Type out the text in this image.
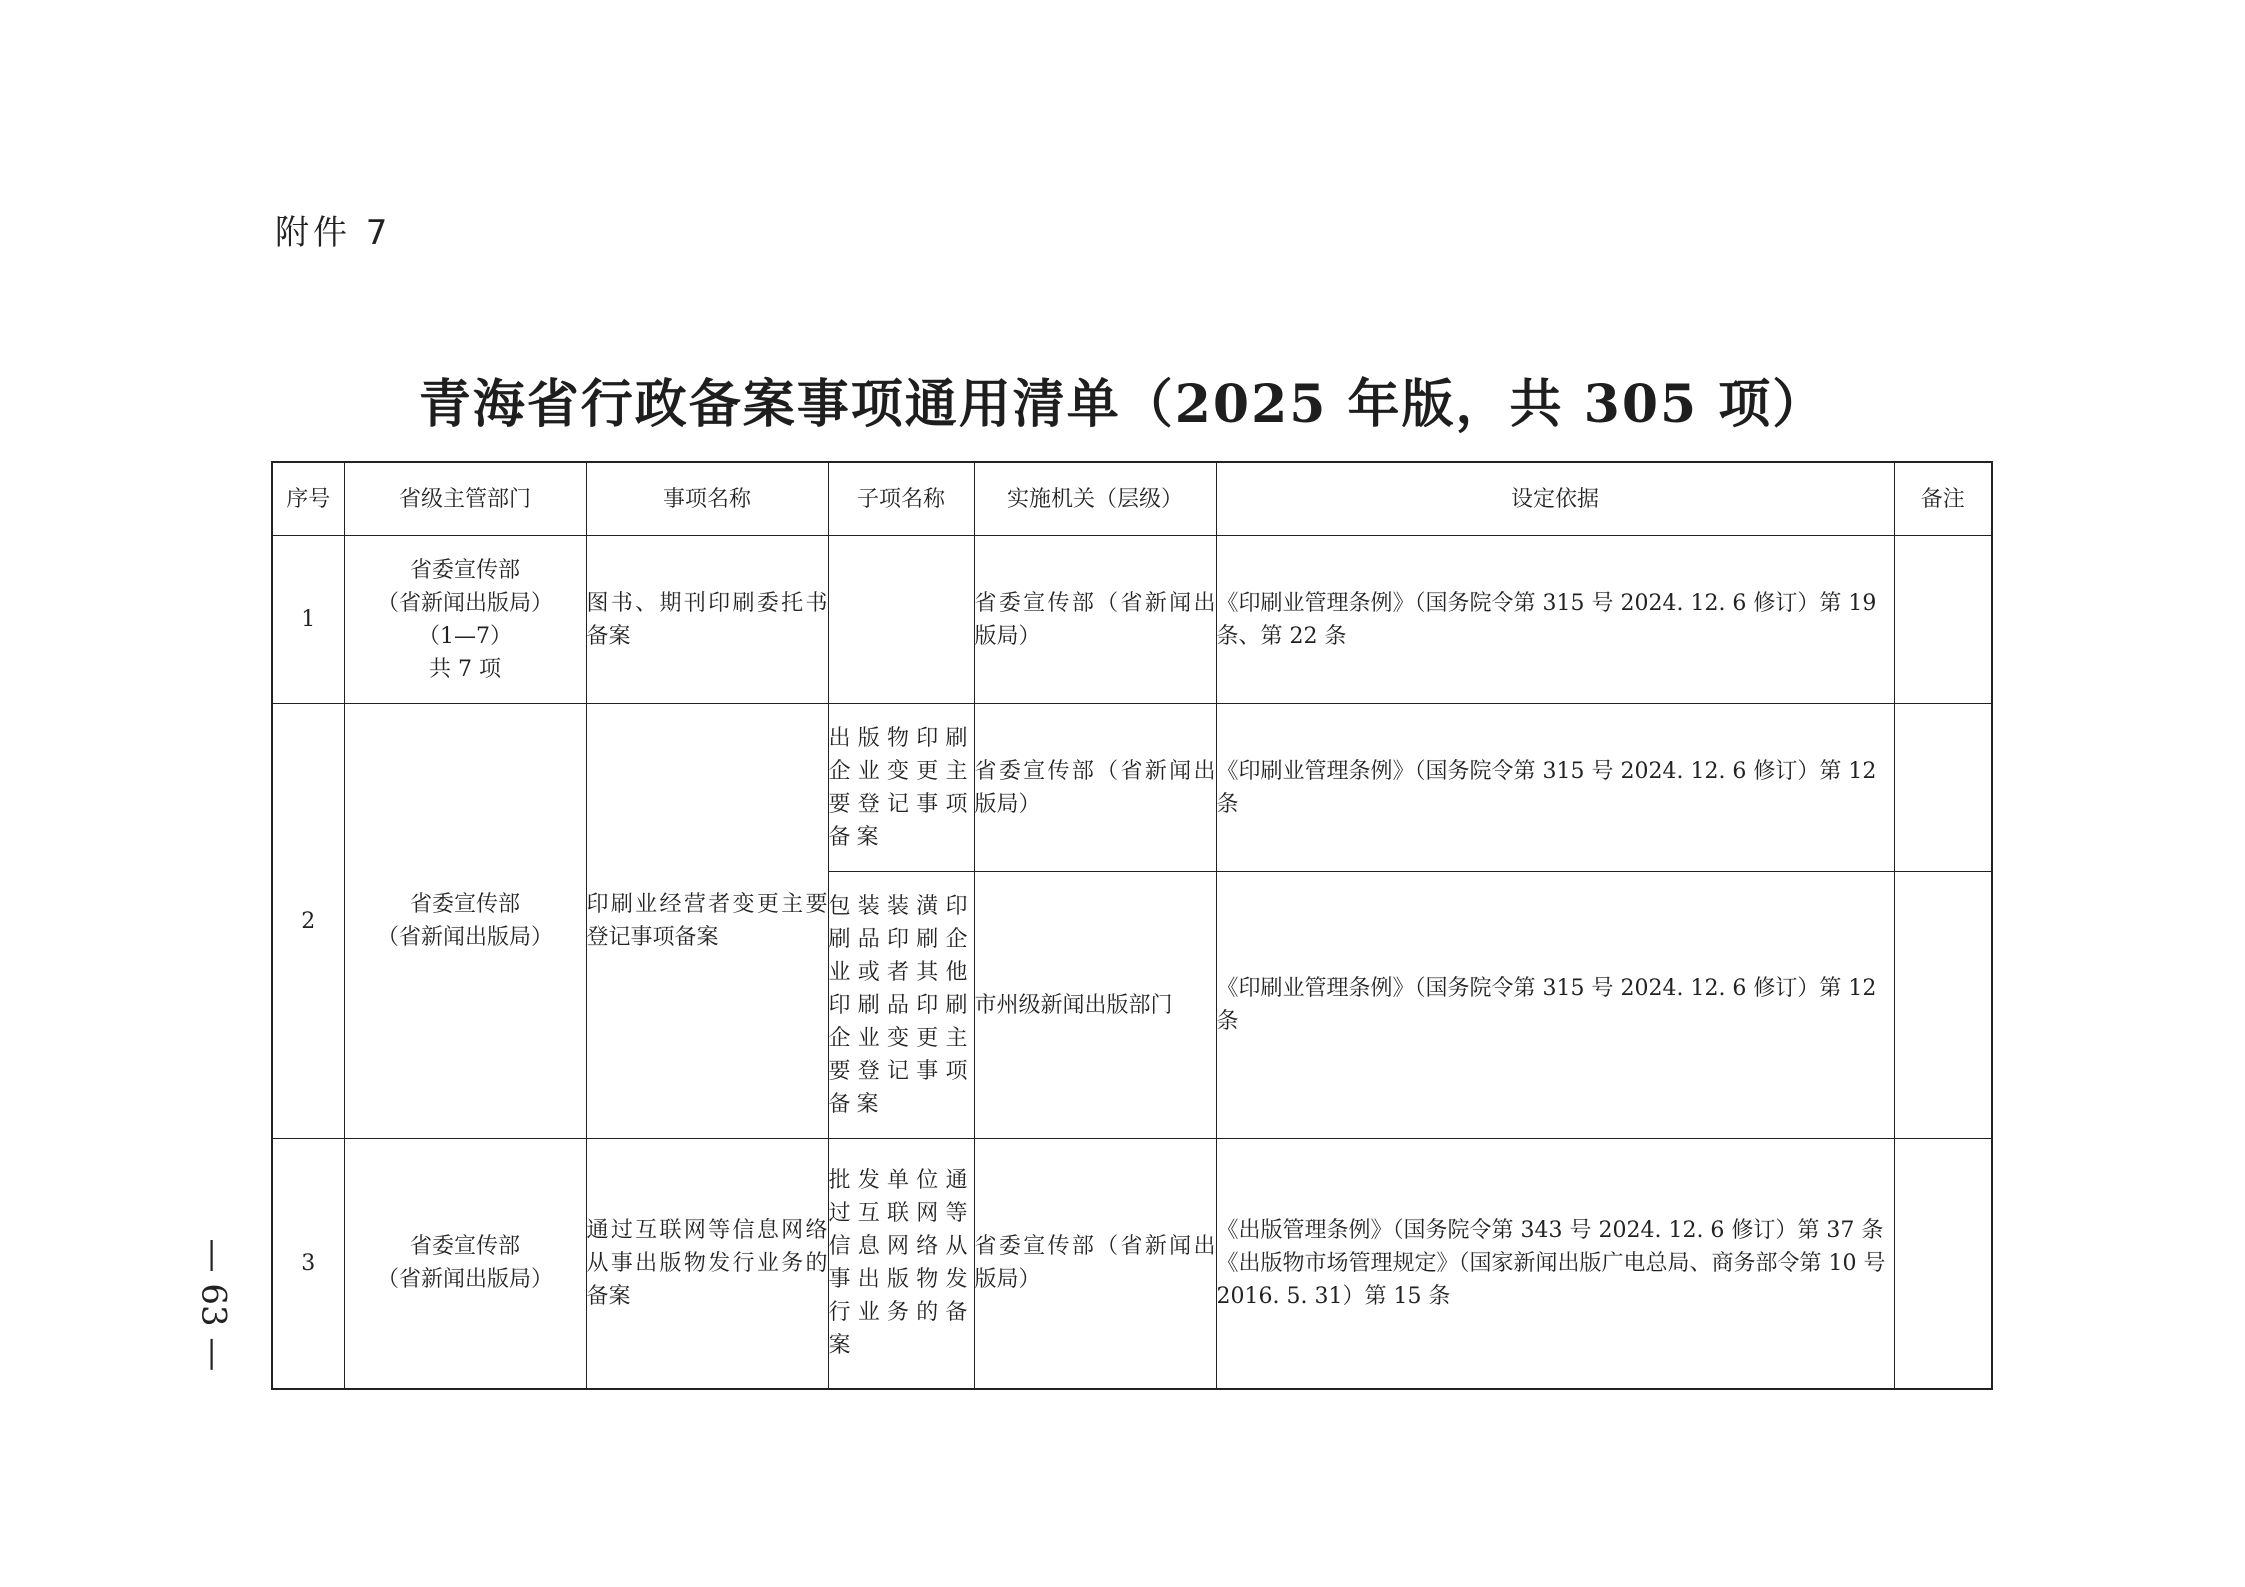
附件 7
青海省行政备案事项通用清单（2025 年版，共 305 项）
— 63 —
序号	省级主管部门	事项名称	子项名称	实施机关（层级）	设定依据	备注
1	省委宣传部
（省新闻出版局）
（1—7）
共 7 项	图书、期刊印刷委托书备案		省委宣传部（省新闻出版局）	《印刷业管理条例》（国务院令第 315 号 2024. 12. 6 修订）第 19 条、第 22 条	

2	省委宣传部
（省新闻出版局）	印刷业经营者变更主要登记事项备案	出版物印刷企业变更主要登记事项备案	省委宣传部（省新闻出版局）	《印刷业管理条例》（国务院令第 315 号 2024. 12. 6 修订）第 12 条	

			包装装潢印刷品印刷企业或者其他印刷品印刷企业变更主要登记事项备案	市州级新闻出版部门	《印刷业管理条例》（国务院令第 315 号 2024. 12. 6 修订）第 12 条	

3	省委宣传部
（省新闻出版局）	通过互联网等信息网络从事出版物发行业务的备案	批发单位通过互联网等信息网络从事出版物发行业务的备案	省委宣传部（省新闻出版局）	《出版管理条例》（国务院令第 343 号 2024. 12. 6 修订）第 37 条
《出版物市场管理规定》（国家新闻出版广电总局、商务部令第 10 号 2016. 5. 31）第 15 条	
